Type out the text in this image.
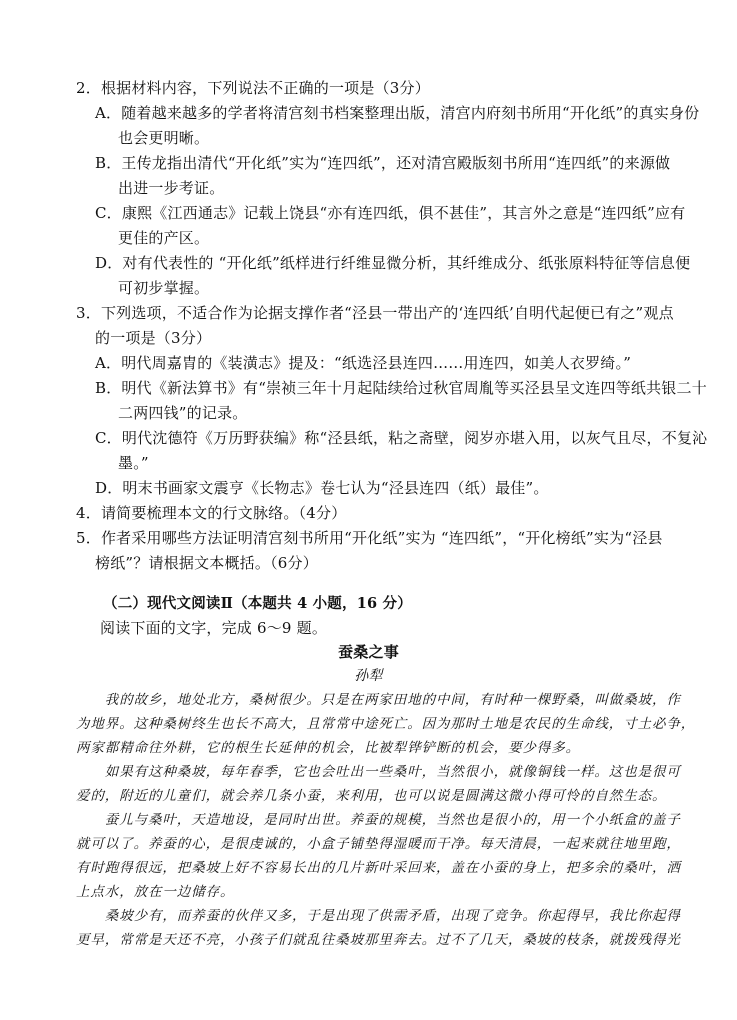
2．根据材料内容，下列说法不正确的一项是（3分）
A．随着越来越多的学者将清宫刻书档案整理出版，清宫内府刻书所用“开化纸”的真实身份
也会更明晰。
B．王传龙指出清代“开化纸”实为“连四纸”，还对清宫殿版刻书所用“连四纸”的来源做
出进一步考证。
C．康熙《江西通志》记载上饶县“亦有连四纸，俱不甚佳”，其言外之意是“连四纸”应有
更佳的产区。
D．对有代表性的 “开化纸”纸样进行纤维显微分析，其纤维成分、纸张原料特征等信息便
可初步掌握。
3．下列选项，不适合作为论据支撑作者“泾县一带出产的‘连四纸’自明代起便已有之”观点
的一项是（3分）
A．明代周嘉胄的《装潢志》提及：“纸选泾县连四……用连四，如美人衣罗绮。”
B．明代《新法算书》有“崇祯三年十月起陆续给过秋官周胤等买泾县呈文连四等纸共银二十
二两四钱”的记录。
C．明代沈德符《万历野获编》称“泾县纸，粘之斋壁，阅岁亦堪入用，以灰气且尽，不复沁
墨。”
D．明末书画家文震亨《长物志》卷七认为“泾县连四（纸）最佳”。
4．请简要梳理本文的行文脉络。（4分）
5．作者采用哪些方法证明清宫刻书所用“开化纸”实为 “连四纸”，“开化榜纸”实为“泾县
榜纸”？请根据文本概括。（6分）
（二）现代文阅读Ⅱ（本题共 4 小题，16 分）
阅读下面的文字，完成 6～9 题。
蚕桑之事
孙犁
　　我的故乡，地处北方，桑树很少。只是在两家田地的中间，有时种一棵野桑，叫做桑坡，作
为地界。这种桑树终生也长不高大，且常常中途死亡。因为那时土地是农民的生命线，寸土必争，
两家都精命往外耕，它的根生长延伸的机会，比被犁铧铲断的机会，要少得多。
　　如果有这种桑坡，每年春季，它也会吐出一些桑叶，当然很小，就像铜钱一样。这也是很可
爱的，附近的儿童们，就会养几条小蚕，来利用，也可以说是圆满这微小得可怜的自然生态。
　　蚕儿与桑叶，天造地设，是同时出世。养蚕的规模，当然也是很小的，用一个小纸盒的盖子
就可以了。养蚕的心，是很虔诚的，小盒子铺垫得湿暖而干净。每天清晨，一起来就往地里跑，
有时跑得很远，把桑坡上好不容易长出的几片新叶采回来，盖在小蚕的身上，把多余的桑叶，洒
上点水，放在一边储存。
　　桑坡少有，而养蚕的伙伴又多，于是出现了供需矛盾，出现了竞争。你起得早，我比你起得
更早，常常是天还不亮，小孩子们就乱往桑坡那里奔去。过不了几天，桑坡的枝条，就拨残得光
